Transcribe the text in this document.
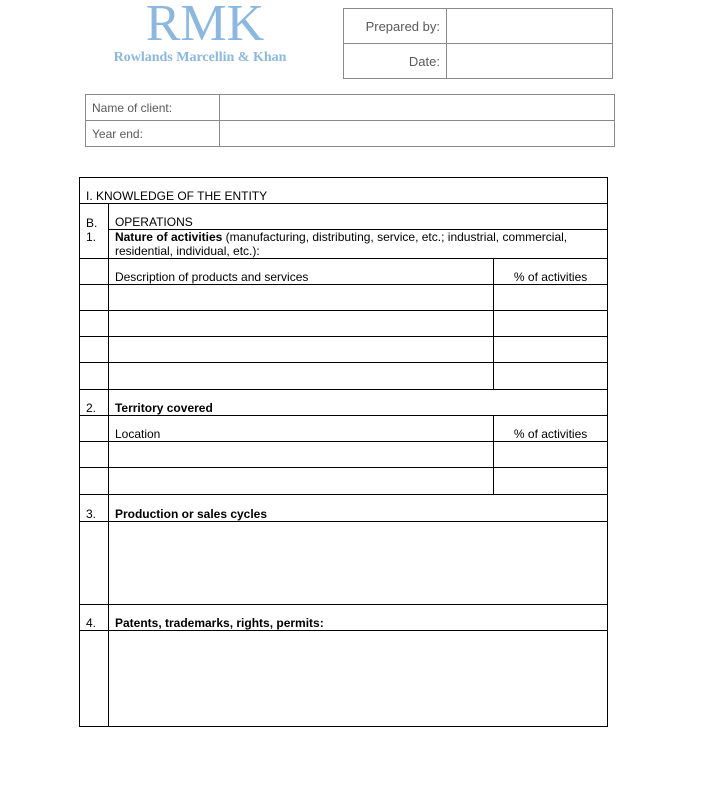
RMK
Rowlands Marcellin & Khan
Prepared by:	
Date:	
Name of client:	
Year end:	
I. KNOWLEDGE OF THE ENTITY		
B.	OPERATIONS	
1.	Nature of activities (manufacturing, distributing, service, etc.; industrial, commercial, residential, individual, etc.):	
	Description of products and services	% of activities

2.	Territory covered	
	Location	% of activities

3.	Production or sales cycles	

4.	Patents, trademarks, rights, permits:	
